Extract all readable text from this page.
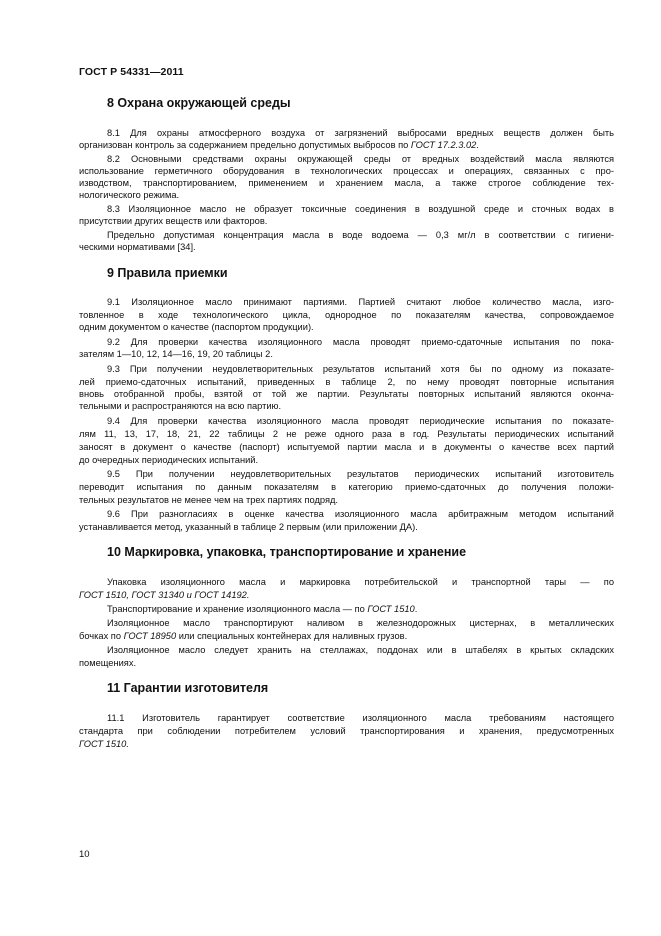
ГОСТ Р 54331—2011
8 Охрана окружающей среды
8.1 Для охраны атмосферного воздуха от загрязнений выбросами вредных веществ должен быть
организован контроль за содержанием предельно допустимых выбросов по ГОСТ 17.2.3.02.
8.2 Основными средствами охраны окружающей среды от вредных воздействий масла являются
использование герметичного оборудования в технологических процессах и операциях, связанных с про-
изводством, транспортированием, применением и хранением масла, а также строгое соблюдение тех-
нологического режима.
8.3 Изоляционное масло не образует токсичные соединения в воздушной среде и сточных водах в
присутствии других веществ или факторов.
Предельно допустимая концентрация масла в воде водоема — 0,3 мг/л в соответствии с гигиени-
ческими нормативами [34].
9 Правила приемки
9.1 Изоляционное масло принимают партиями. Партией считают любое количество масла, изго-
товленное в ходе технологического цикла, однородное по показателям качества, сопровождаемое
одним документом о качестве (паспортом продукции).
9.2 Для проверки качества изоляционного масла проводят приемо-сдаточные испытания по пока-
зателям 1—10, 12, 14—16, 19, 20 таблицы 2.
9.3 При получении неудовлетворительных результатов испытаний хотя бы по одному из показате-
лей приемо-сдаточных испытаний, приведенных в таблице 2, по нему проводят повторные испытания
вновь отобранной пробы, взятой от той же партии. Результаты повторных испытаний являются оконча-
тельными и распространяются на всю партию.
9.4 Для проверки качества изоляционного масла проводят периодические испытания по показате-
лям 11, 13, 17, 18, 21, 22 таблицы 2 не реже одного раза в год. Результаты периодических испытаний
заносят в документ о качестве (паспорт) испытуемой партии масла и в документы о качестве всех партий
до очередных периодических испытаний.
9.5 При получении неудовлетворительных результатов периодических испытаний изготовитель
переводит испытания по данным показателям в категорию приемо-сдаточных до получения положи-
тельных результатов не менее чем на трех партиях подряд.
9.6 При разногласиях в оценке качества изоляционного масла арбитражным методом испытаний
устанавливается метод, указанный в таблице 2 первым (или приложении ДА).
10 Маркировка, упаковка, транспортирование и хранение
Упаковка изоляционного масла и маркировка потребительской и транспортной тары — по
ГОСТ 1510, ГОСТ 31340 и ГОСТ 14192.
Транспортирование и хранение изоляционного масла — по ГОСТ 1510.
Изоляционное масло транспортируют наливом в железнодорожных цистернах, в металлических
бочках по ГОСТ 18950 или специальных контейнерах для наливных грузов.
Изоляционное масло следует хранить на стеллажах, поддонах или в штабелях в крытых складских
помещениях.
11 Гарантии изготовителя
11.1 Изготовитель гарантирует соответствие изоляционного масла требованиям настоящего
стандарта при соблюдении потребителем условий транспортирования и хранения, предусмотренных
ГОСТ 1510.
10
